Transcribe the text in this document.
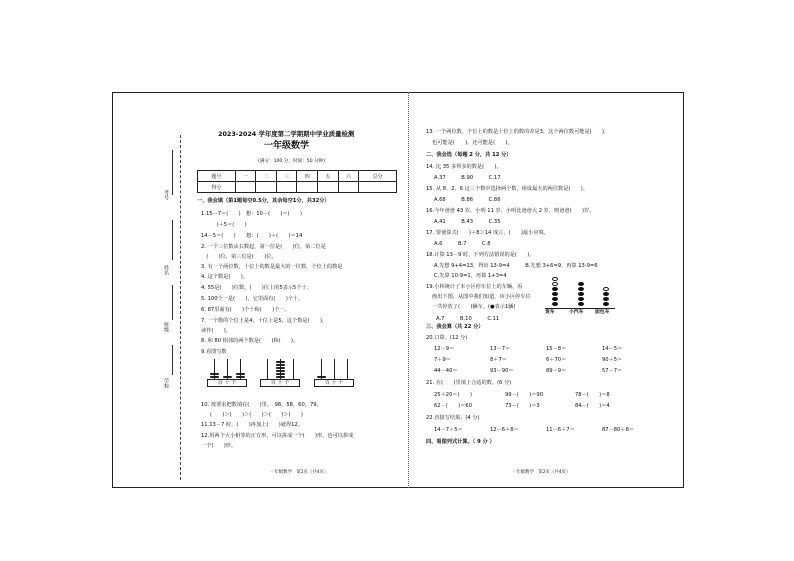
考号
姓名
班级
学校
2023-2024 学年度第二学期期中学业质量检测
一年级数学
(满分：100 分，时间：50 分钟)
题号	一	二	三	四	五	六	总分
得分							
一、我会填（第1题每空0.5分，其余每空1分，共32分）
1.15－7＝(　　)　想：10－(　　)＝(　　)
　　　)＋5＝(　　)
14－5＝(　　)　　想：(　　)＋(　　)＝14
2. 一个三位数从右数起，第一位是(　　)位，第二位是
　(　　)位，第三位是(　　)位。
3. 有一个两位数，十位上的数是最大的一位数，个位上的数是
4. 这个数是(　　)。
4. 55是(　　)位数，(　　)位上的5表示5个十。
5. 100个一是(　　)，它里面有(　　)个十。
6. 87里面有(　　)个十和(　　)个一。
7. 一个数的个位上是4，十位上是5，这个数是(　　)，
读作(　　)。
8. 和 80 相邻的两个数是(　　)和(　　)。
9.看图写数
百 十 个	百 十 个	百 十 个
10. 按要求把数填在(　　)里。　98，58，60，79，
(　　)＞(　　)＞(　　)＞(　　)＞(　　)
11.13－7 时，(　　)再加上(　　)就得12。
12.用两个大小相等的正方形，可以拼成一个(　　)形，也可以拼成
一个(　　)形。
一年级数学　第1页（共4页）
13. 一个两位数，个位上的数是十位上的数的差是3，这个两位数可能是(　　)，
也可能是(　　)，还可能是(　　)。
二、我会选（每题 2 分，共 12 分）
14. 比 35 多得多的数是(　　)。
A.37　　　B.90　　　C.17
15. 从 8、2、6 这三个数中选择两个数，组成最大的两位数是(　　)。
A.68　　　B.86　　　C.86
16.今年爸爸 43 岁，小明 11 岁，小明比爸爸大 2 岁，则爸爸(　　)岁。
A.41　　　B.43　　　C.35
17. 要使算式(　　)＋8＞14 成立，(　　)最小应填。
A.6　　　B.7　　　C.8
18.计算 13－9 时，下列方法错误的是(　　)。
A.先想 9+4=13，得出 13-9=4　　　B.先想 3+6=9，再算 13-9=6
C.先算 10-9=1，再算 1+3=4
19.小林统计了本小区停车位上的车辆，看
画出下图，从图中我们知道，该小区停车位
一共停放了(　　)辆车。(●表示1辆)
A.7　　　B.10　　　C.11
货车	小汽车 面包车
三、我会算（共 22 分）
20.口算。(12 分)
12－9＝	13－7＝	15－8＝	14－5＝
7＋9＝	8＋7＝	6＋70＝	90＋5＝
44－40＝	93－90＝	89－9＝	57－7＝
21. 在(　　)里填上合适的数。(6 分)
25＋20＝(　　)	99－(　　)＝90	78－(　　)＝8
62－(　　)＝60	73－(　　)＝3	84－(　　)＝4
22.直接写结果。(4 分)
14－7＋5＝	12－6＋8＝	11－6＋7＝	87－80＋8＝
四、看图列式计算。（ 9 分 ）
一年级数学　第2页（共4页）
